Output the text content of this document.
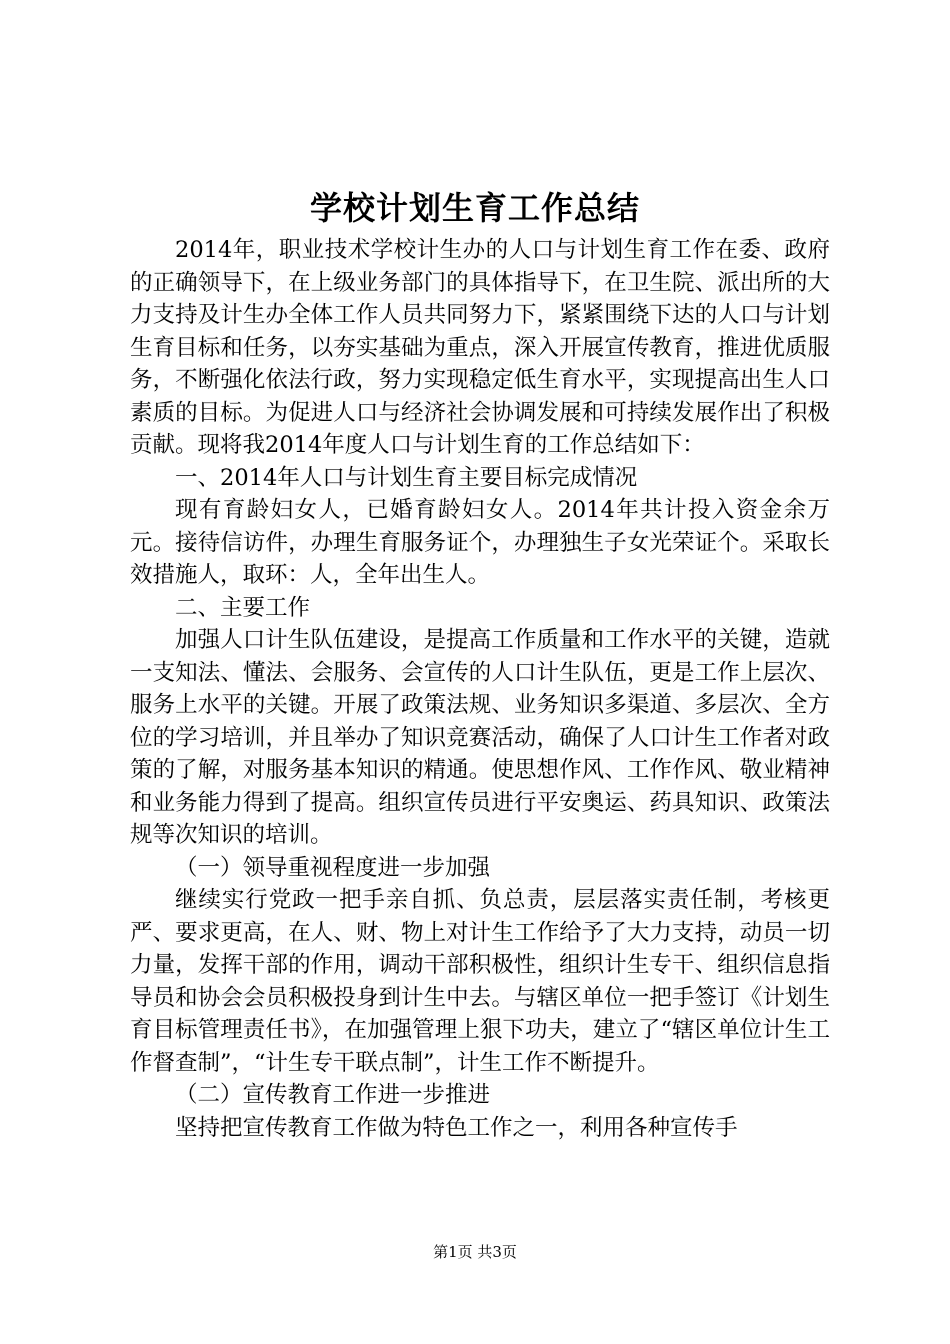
学校计划生育工作总结

2014年，职业技术学校计生办的人口与计划生育工作在委、政府的正确领导下，在上级业务部门的具体指导下，在卫生院、派出所的大力支持及计生办全体工作人员共同努力下，紧紧围绕下达的人口与计划生育目标和任务，以夯实基础为重点，深入开展宣传教育，推进优质服务，不断强化依法行政，努力实现稳定低生育水平，实现提高出生人口素质的目标。为促进人口与经济社会协调发展和可持续发展作出了积极贡献。现将我2014年度人口与计划生育的工作总结如下：

一、2014年人口与计划生育主要目标完成情况

现有育龄妇女人，已婚育龄妇女人。2014年共计投入资金余万元。接待信访件，办理生育服务证个，办理独生子女光荣证个。采取长效措施人，取环：人，全年出生人。

二、主要工作

加强人口计生队伍建设，是提高工作质量和工作水平的关键，造就一支知法、懂法、会服务、会宣传的人口计生队伍，更是工作上层次、服务上水平的关键。开展了政策法规、业务知识多渠道、多层次、全方位的学习培训，并且举办了知识竞赛活动，确保了人口计生工作者对政策的了解，对服务基本知识的精通。使思想作风、工作作风、敬业精神和业务能力得到了提高。组织宣传员进行平安奥运、药具知识、政策法规等次知识的培训。

（一）领导重视程度进一步加强

继续实行党政一把手亲自抓、负总责，层层落实责任制，考核更严、要求更高，在人、财、物上对计生工作给予了大力支持，动员一切力量，发挥干部的作用，调动干部积极性，组织计生专干、组织信息指导员和协会会员积极投身到计生中去。与辖区单位一把手签订《计划生育目标管理责任书》，在加强管理上狠下功夫，建立了“辖区单位计生工作督查制”，“计生专干联点制”，计生工作不断提升。

（二）宣传教育工作进一步推进

坚持把宣传教育工作做为特色工作之一，利用各种宣传手

第1页 共3页
